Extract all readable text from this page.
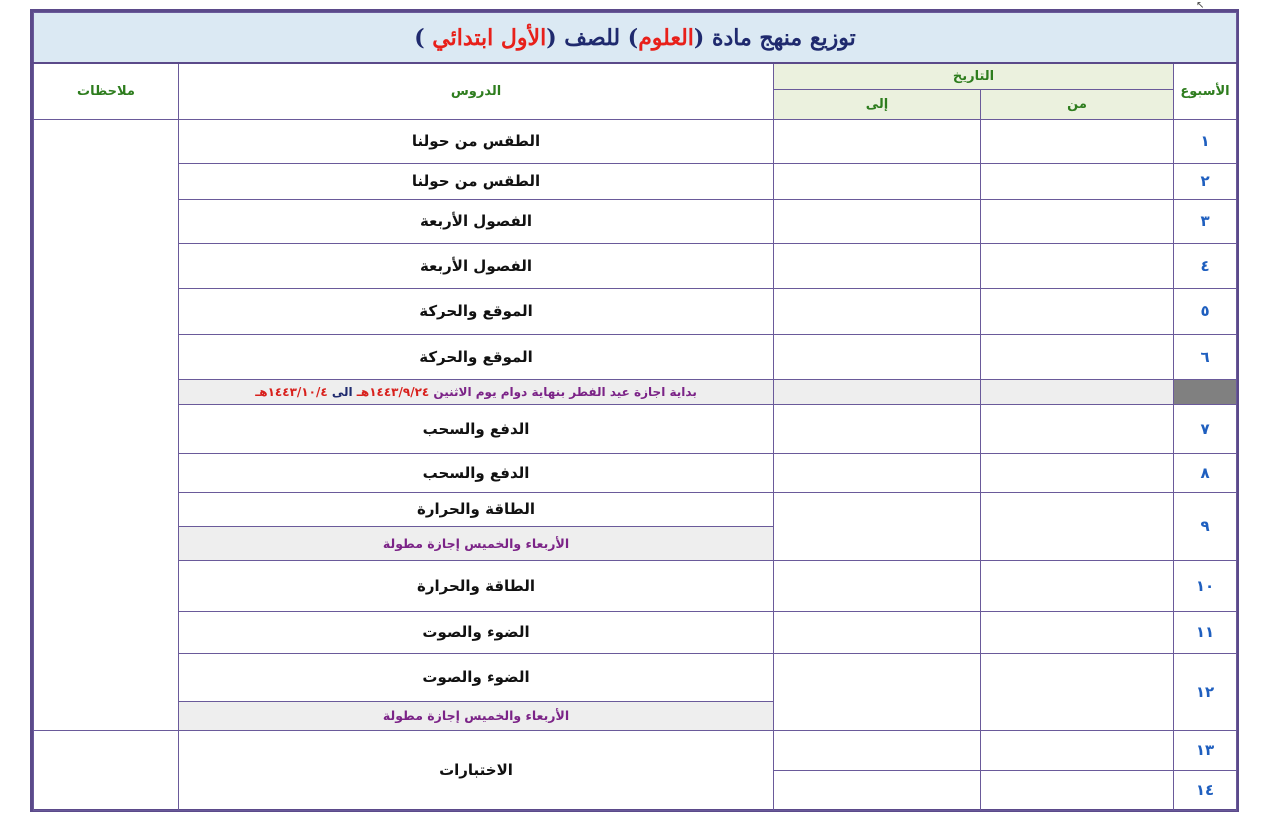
↖
توزيع منهج مادة (العلوم) للصف (الأول ابتدائي )				
الأسبوع	التاريخ		الدروس	ملاحظات
	من	إلى		
١			الطقس من حولنا	
٢			الطقس من حولنا	
٣			الفصول الأربعة	
٤			الفصول الأربعة	
٥			الموقع والحركة	
٦			الموقع والحركة	
			بداية اجازة عيد الفطر بنهاية دوام يوم الاثنين ١٤٤٣/٩/٢٤هـ الى ١٤٤٣/١٠/٤هـ	
٧			الدفع والسحب	
٨			الدفع والسحب	
٩			الطاقة والحرارة	
			الأربعاء والخميس إجازة مطولة	
١٠			الطاقة والحرارة	
١١			الضوء والصوت	
١٢			الضوء والصوت	
			الأربعاء والخميس إجازة مطولة	
١٣			الاختبارات	
١٤				
